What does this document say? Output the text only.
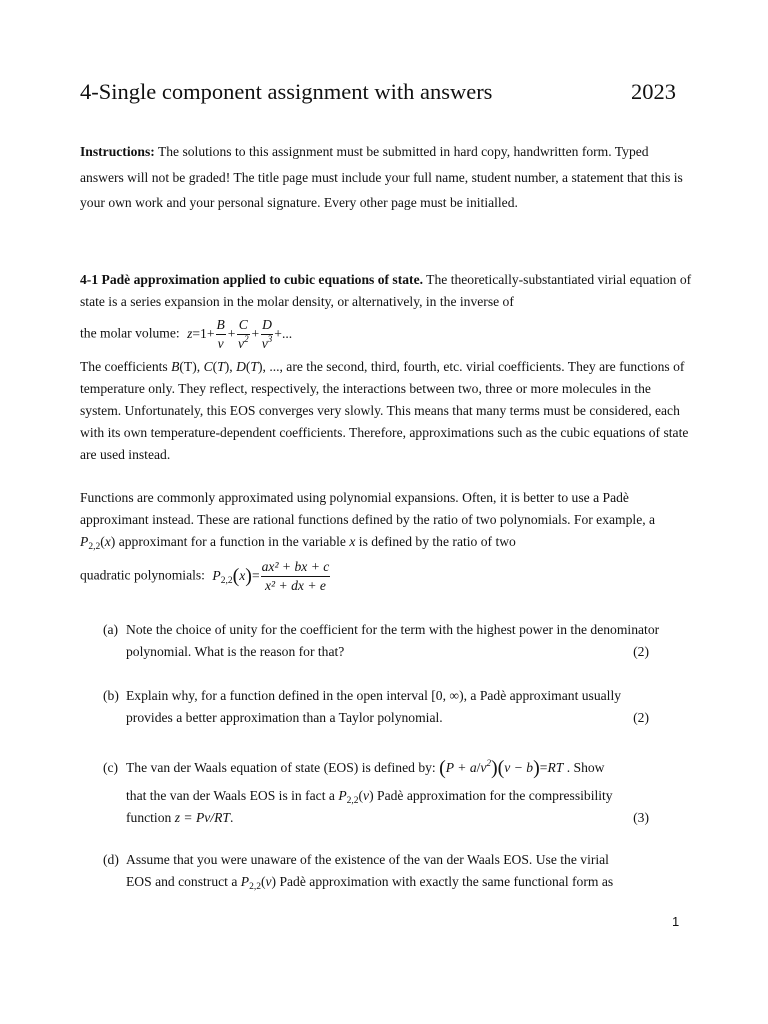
4-Single component assignment with answers	2023
Instructions: The solutions to this assignment must be submitted in hard copy, handwritten form. Typed answers will not be graded! The title page must include your full name, student number, a statement that this is your own work and your personal signature. Every other page must be initialled.
4-1 Padè approximation applied to cubic equations of state. The theoretically-substantiated virial equation of state is a series expansion in the molar density, or alternatively, in the inverse of
the molar volume: $z=1+ \frac{B}{v} + \frac{C}{v^2} + \frac{D}{v^3}$ +...
The coefficients B(T), C(T), D(T), ..., are the second, third, fourth, etc. virial coefficients. They are functions of temperature only. They reflect, respectively, the interactions between two, three or more molecules in the system. Unfortunately, this EOS converges very slowly. This means that many terms must be considered, each with its own temperature-dependent coefficients. Therefore, approximations such as the cubic equations of state are used instead.
Functions are commonly approximated using polynomial expansions. Often, it is better to use a Padè approximant instead. These are rational functions defined by the ratio of two polynomials. For example, a $P_{2,2}(x)$ approximant for a function in the variable x is defined by the ratio of two
quadratic polynomials: $P_{2,2}(x)= \frac{\text{ax² + bx + c}}{\text{x² + dx + e}}$
(a) Note the choice of unity for the coefficient for the term with the highest power in the denominator polynomial. What is the reason for that?	(2)
(b) Explain why, for a function defined in the open interval [0, ∞), a Padè approximant usually provides a better approximation than a Taylor polynomial.	(2)
(c) The van der Waals equation of state (EOS) is defined by: $(P + a/v^2)(v - b)=RT$ . Show
that the van der Waals EOS is in fact a $P_{2,2}(v)$ Padè approximation for the compressibility
function z = Pv/RT.	(3)
(d) Assume that you were unaware of the existence of the van der Waals EOS. Use the virial
EOS and construct a $P_{2,2}(v)$ Padè approximation with exactly the same functional form as
1
